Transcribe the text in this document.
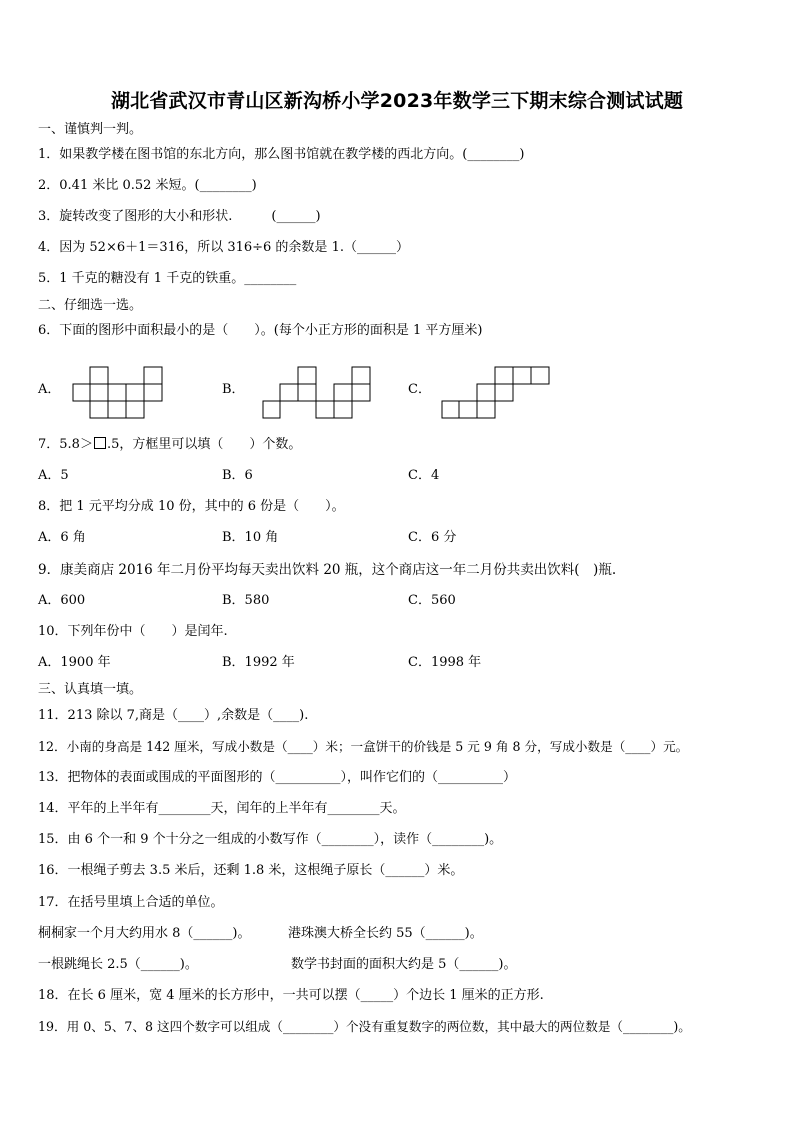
湖北省武汉市青山区新沟桥小学2023年数学三下期末综合测试试题
一、谨慎判一判。
1．如果教学楼在图书馆的东北方向，那么图书馆就在教学楼的西北方向。(________)
2．0.41 米比 0.52 米短。(________)
3．旋转改变了图形的大小和形状.　　　(______)
4．因为 52×6＋1＝316，所以 316÷6 的余数是 1.（______）
5．1 千克的糖没有 1 千克的铁重。________
二、仔细选一选。
6．下面的图形中面积最小的是（　　）。(每个小正方形的面积是 1 平方厘米)
A．	B．	C．
7．5.8＞ .5，方框里可以填（　　）个数。
A．5	B．6	C．4
8．把 1 元平均分成 10 份，其中的 6 份是（　　）。
A．6 角	B．10 角	C．6 分
9．康美商店 2016 年二月份平均每天卖出饮料 20 瓶，这个商店这一年二月份共卖出饮料(　)瓶.
A．600	B．580	C．560
10．下列年份中（　　）是闰年.
A．1900 年	B．1992 年	C．1998 年
三、认真填一填。
11．213 除以 7,商是（____）,余数是（____).
12．小南的身高是 142 厘米，写成小数是（____）米；一盒饼干的价钱是 5 元 9 角 8 分，写成小数是（____）元。
13．把物体的表面或围成的平面图形的（__________），叫作它们的（__________）
14．平年的上半年有________天，闰年的上半年有________天。
15．由 6 个一和 9 个十分之一组成的小数写作（________），读作（________)。
16．一根绳子剪去 3.5 米后，还剩 1.8 米，这根绳子原长（______）米。
17．在括号里填上合适的单位。
桐桐家一个月大约用水 8（______)。	港珠澳大桥全长约 55（______)。
一根跳绳长 2.5（______)。	数学书封面的面积大约是 5（______)。
18．在长 6 厘米，宽 4 厘米的长方形中，一共可以摆（_____）个边长 1 厘米的正方形.
19．用 0、5、7、8 这四个数字可以组成（________）个没有重复数字的两位数，其中最大的两位数是（________)。
